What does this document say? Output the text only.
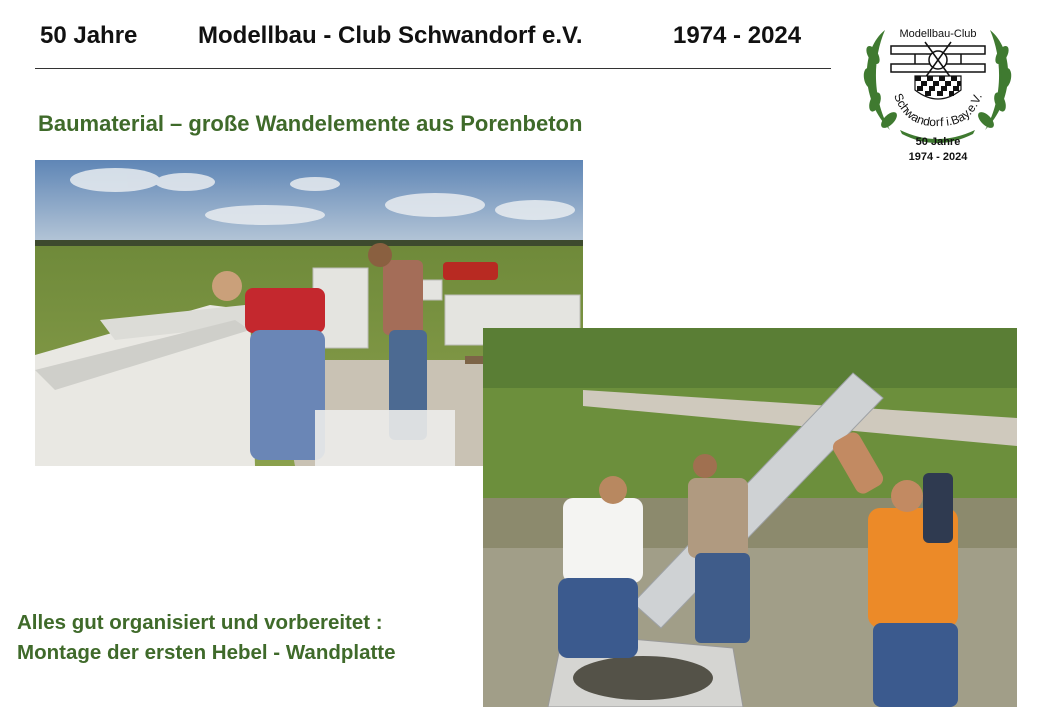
50 Jahre	Modellbau - Club Schwandorf e.V.	1974 - 2024
Baumaterial – große Wandelemente aus Porenbeton
Modellbau-Club
Schwandorf i.Bay.e.V.
50 Jahre
1974 - 2024
Alles gut organisiert und vorbereitet :
Montage der ersten Hebel - Wandplatte
